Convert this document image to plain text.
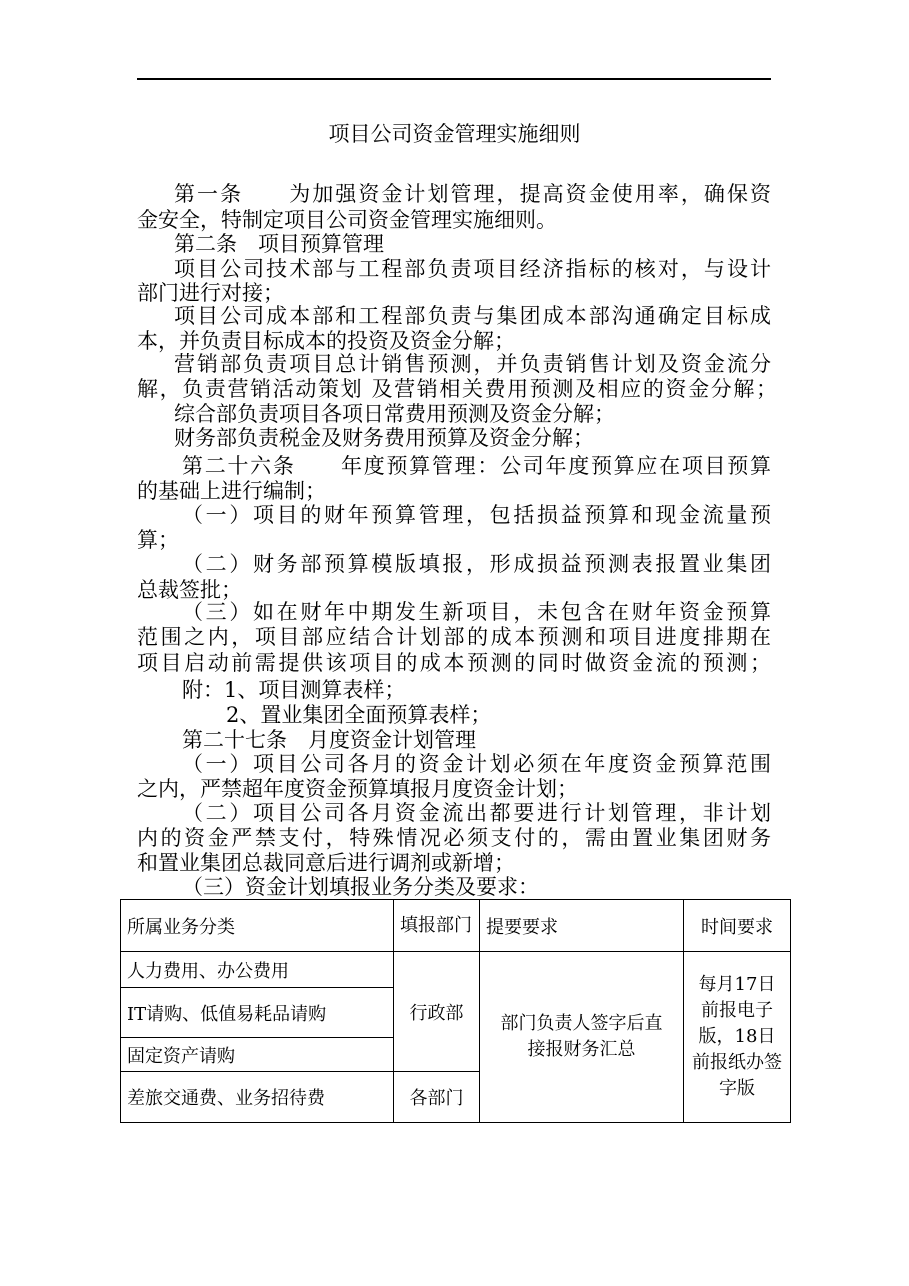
项目公司资金管理实施细则
第一条　　为加强资金计划管理，提高资金使用率，确保资
金安全，特制定项目公司资金管理实施细则。
第二条　项目预算管理
项目公司技术部与工程部负责项目经济指标的核对，与设计
部门进行对接；
项目公司成本部和工程部负责与集团成本部沟通确定目标成
本，并负责目标成本的投资及资金分解；
营销部负责项目总计销售预测，并负责销售计划及资金流分
解，负责营销活动策划 及营销相关费用预测及相应的资金分解；
综合部负责项目各项日常费用预测及资金分解；
财务部负责税金及财务费用预算及资金分解；
第二十六条　　年度预算管理：公司年度预算应在项目预算
的基础上进行编制；
（一）项目的财年预算管理，包括损益预算和现金流量预
算；
（二）财务部预算模版填报，形成损益预测表报置业集团
总裁签批；
（三）如在财年中期发生新项目，未包含在财年资金预算
范围之内，项目部应结合计划部的成本预测和项目进度排期在
项目启动前需提供该项目的成本预测的同时做资金流的预测；
附：1、项目测算表样；
2、置业集团全面预算表样；
第二十七条　月度资金计划管理
（一）项目公司各月的资金计划必须在年度资金预算范围
之内，严禁超年度资金预算填报月度资金计划；
（二）项目公司各月资金流出都要进行计划管理，非计划
内的资金严禁支付，特殊情况必须支付的，需由置业集团财务
和置业集团总裁同意后进行调剂或新增；
（三）资金计划填报业务分类及要求：
所属业务分类	填报部门	提要要求	时间要求
人力费用、办公费用	行政部	部门负责人签字后直接报财务汇总	每月17日前报电子版，18日前报纸办签字版
IT请购、低值易耗品请购			
固定资产请购			
差旅交通费、业务招待费	各部门		
